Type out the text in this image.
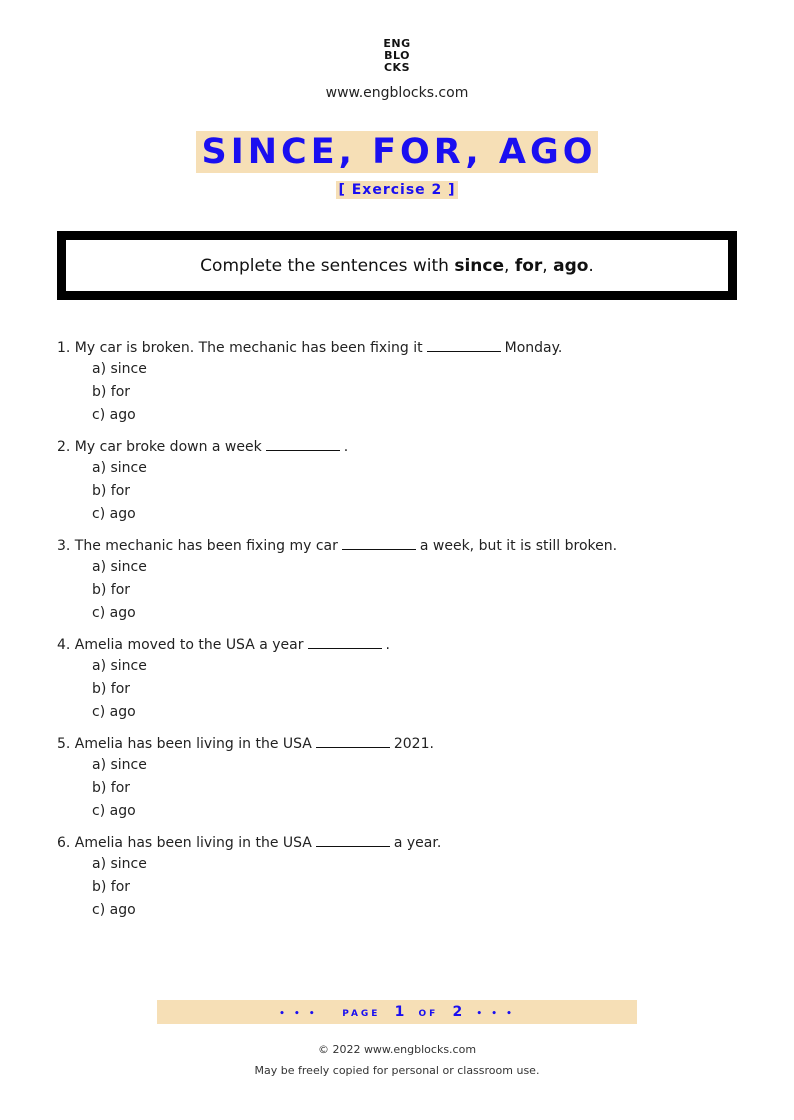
ENG
BLO
CKS
www.engblocks.com
SINCE, FOR, AGO
[ Exercise 2 ]
Complete the sentences with since, for, ago.
1. My car is broken. The mechanic has been fixing it	Monday.
a) since
b) for
c) ago
2. My car broke down a week	.
a) since
b) for
c) ago
3. The mechanic has been fixing my car	a week, but it is still broken.
a) since
b) for
c) ago
4. Amelia moved to the USA a year	.
a) since
b) for
c) ago
5. Amelia has been living in the USA	2021.
a) since
b) for
c) ago
6. Amelia has been living in the USA	a year.
a) since
b) for
c) ago
• • •	PAGE 1 OF 2 • • •
© 2022 www.engblocks.com
May be freely copied for personal or classroom use.
